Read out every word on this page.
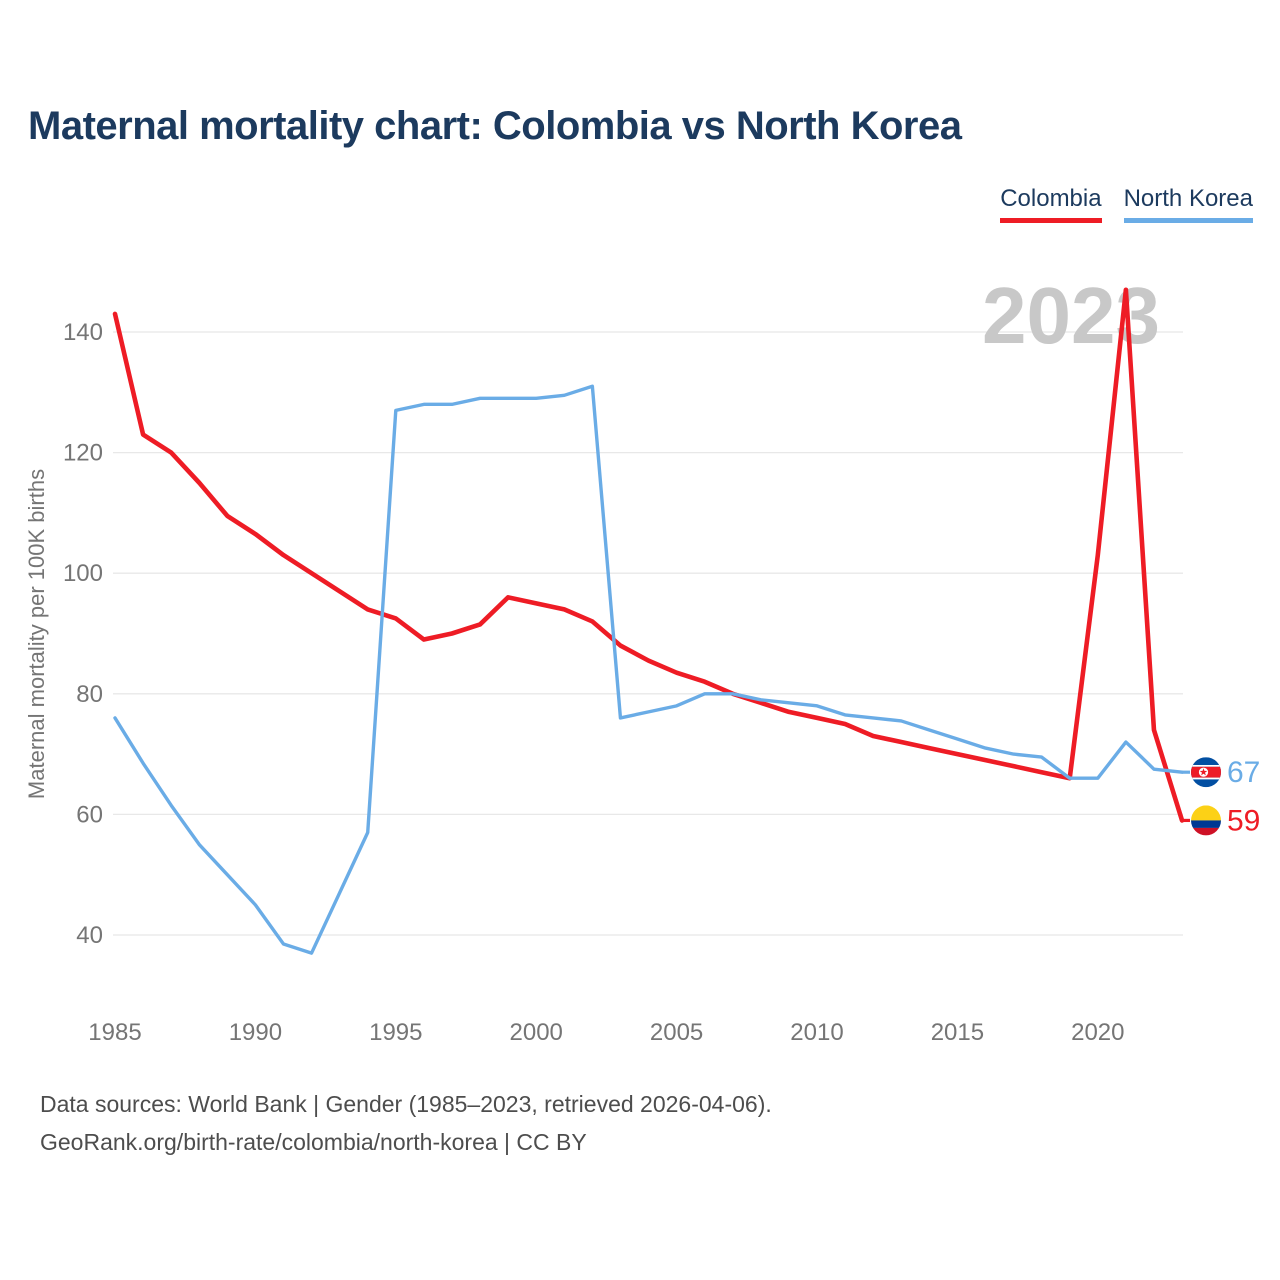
Maternal mortality chart: Colombia vs North Korea
Colombia North Korea
40
60
80
100
120
140
1985	1990	1995	2000	2005	2010	2015	2020
Maternal mortality per 100K births
2023
59
67
Data sources: World Bank | Gender (1985–2023, retrieved 2026-04-06).
GeoRank.org/birth-rate/colombia/north-korea | CC BY
